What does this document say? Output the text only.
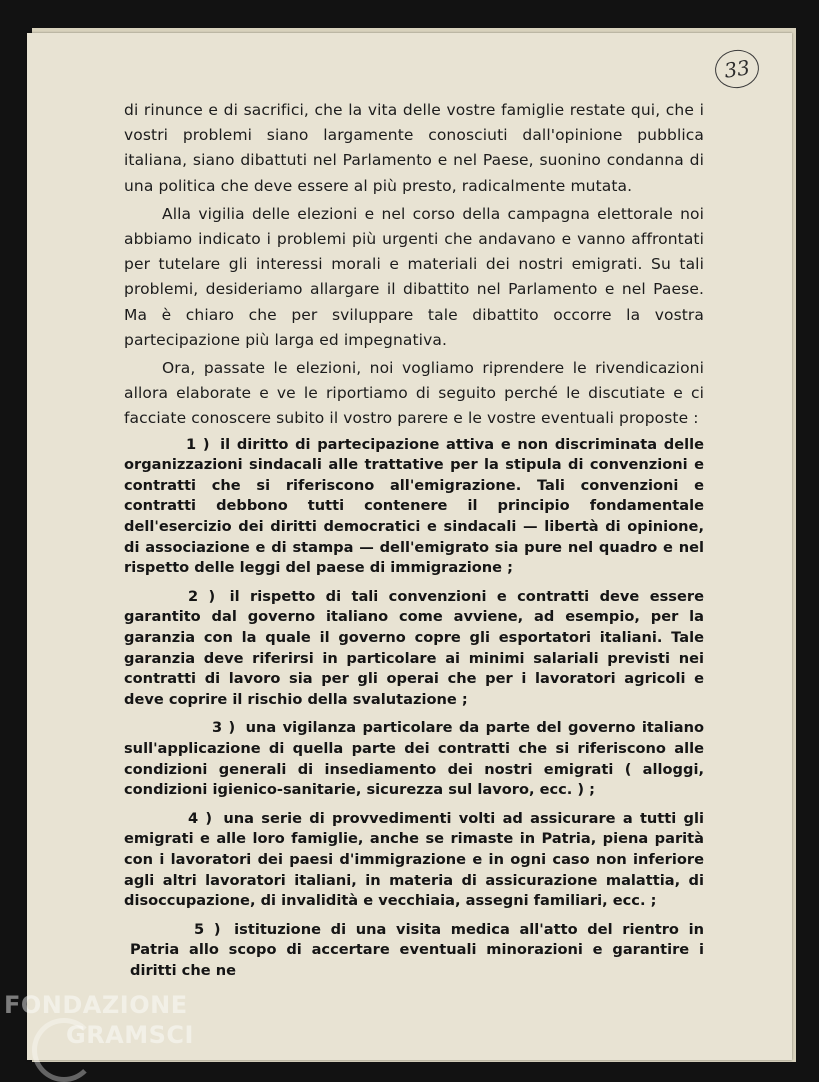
33

di rinunce e di sacrifici, che la vita delle vostre famiglie restate qui, che i vostri problemi siano largamente conosciuti dall'opinione pubblica italiana, siano dibattuti nel Parlamento e nel Paese, suonino condanna di una politica che deve essere al più presto, radicalmente mutata.

Alla vigilia delle elezioni e nel corso della campagna elettorale noi abbiamo indicato i problemi più urgenti che andavano e vanno affrontati per tutelare gli interessi morali e materiali dei nostri emigrati. Su tali problemi, desideriamo allargare il dibattito nel Parlamento e nel Paese. Ma è chiaro che per sviluppare tale dibattito occorre la vostra partecipazione più larga ed impegnativa.

Ora, passate le elezioni, noi vogliamo riprendere le rivendicazioni allora elaborate e ve le riportiamo di seguito perché le discutiate e ci facciate conoscere subito il vostro parere e le vostre eventuali proposte :

1 ) il diritto di partecipazione attiva e non discriminata delle organizzazioni sindacali alle trattative per la stipula di convenzioni e contratti che si riferiscono all'emigrazione. Tali convenzioni e contratti debbono tutti contenere il principio fondamentale dell'esercizio dei diritti democratici e sindacali — libertà di opinione, di associazione e di stampa — dell'emigrato sia pure nel quadro e nel rispetto delle leggi del paese di immigrazione ;

2 ) il rispetto di tali convenzioni e contratti deve essere garantito dal governo italiano come avviene, ad esempio, per la garanzia con la quale il governo copre gli esportatori italiani. Tale garanzia deve riferirsi in particolare ai minimi salariali previsti nei contratti di lavoro sia per gli operai che per i lavoratori agricoli e deve coprire il rischio della svalutazione ;

3 ) una vigilanza particolare da parte del governo italiano sull'applicazione di quella parte dei contratti che si riferiscono alle condizioni generali di insediamento dei nostri emigrati ( alloggi, condizioni igienico-sanitarie, sicurezza sul lavoro, ecc. ) ;

4 ) una serie di provvedimenti volti ad assicurare a tutti gli emigrati e alle loro famiglie, anche se rimaste in Patria, piena parità con i lavoratori dei paesi d'immigrazione e in ogni caso non inferiore agli altri lavoratori italiani, in materia di assicurazione malattia, di disoccupazione, di invalidità e vecchiaia, assegni familiari, ecc. ;

5 ) istituzione di una visita medica all'atto del rientro in Patria allo scopo di accertare eventuali minorazioni e garantire i diritti che ne

FONDAZIONE
GRAMSCI
